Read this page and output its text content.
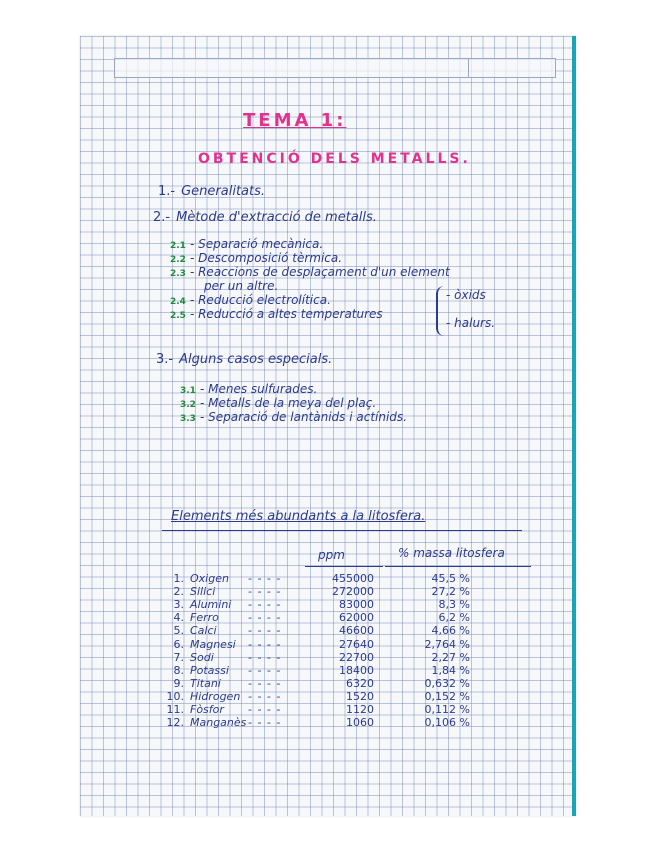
TEMA 1:
OBTENCIÓ DELS METALLS.
1.- Generalitats.
2.- Mètode d'extracció de metalls.
2.1 - Separació mecànica.
2.2 - Descomposició tèrmica.
2.3 - Reaccions de desplaçament d'un element
per un altre.
2.4 - Reducció electrolítica.
2.5 - Reducció a altes temperatures
- òxids
- halurs.
3.- Alguns casos especials.
3.1 - Menes sulfurades.
3.2 - Metalls de la meya del plaç.
3.3 - Separació de lantànids i actínids.
Elements més abundants a la litosfera.
ppm	% massa litosfera
1. Oxigen - - - -	455000	45,5 %
2. Silici	- - - -	272000	27,2 %
3. Alumini - - - -	83000	8,3 %
4. Ferro	- - - -	62000	6,2 %
5. Calci	- - - -	46600	4,66 %
6. Magnesi - - - -	27640	2,764 %
7. Sodi	- - - -	22700	2,27 %
8. Potassi - - - -	18400	1,84 %
9. Titani - - - -	6320	0,632 %
10. Hidrogen - - - -	1520	0,152 %
11. Fòsfor - - - -	1120	0,112 %
12. Manganès - - - -	1060	0,106 %
